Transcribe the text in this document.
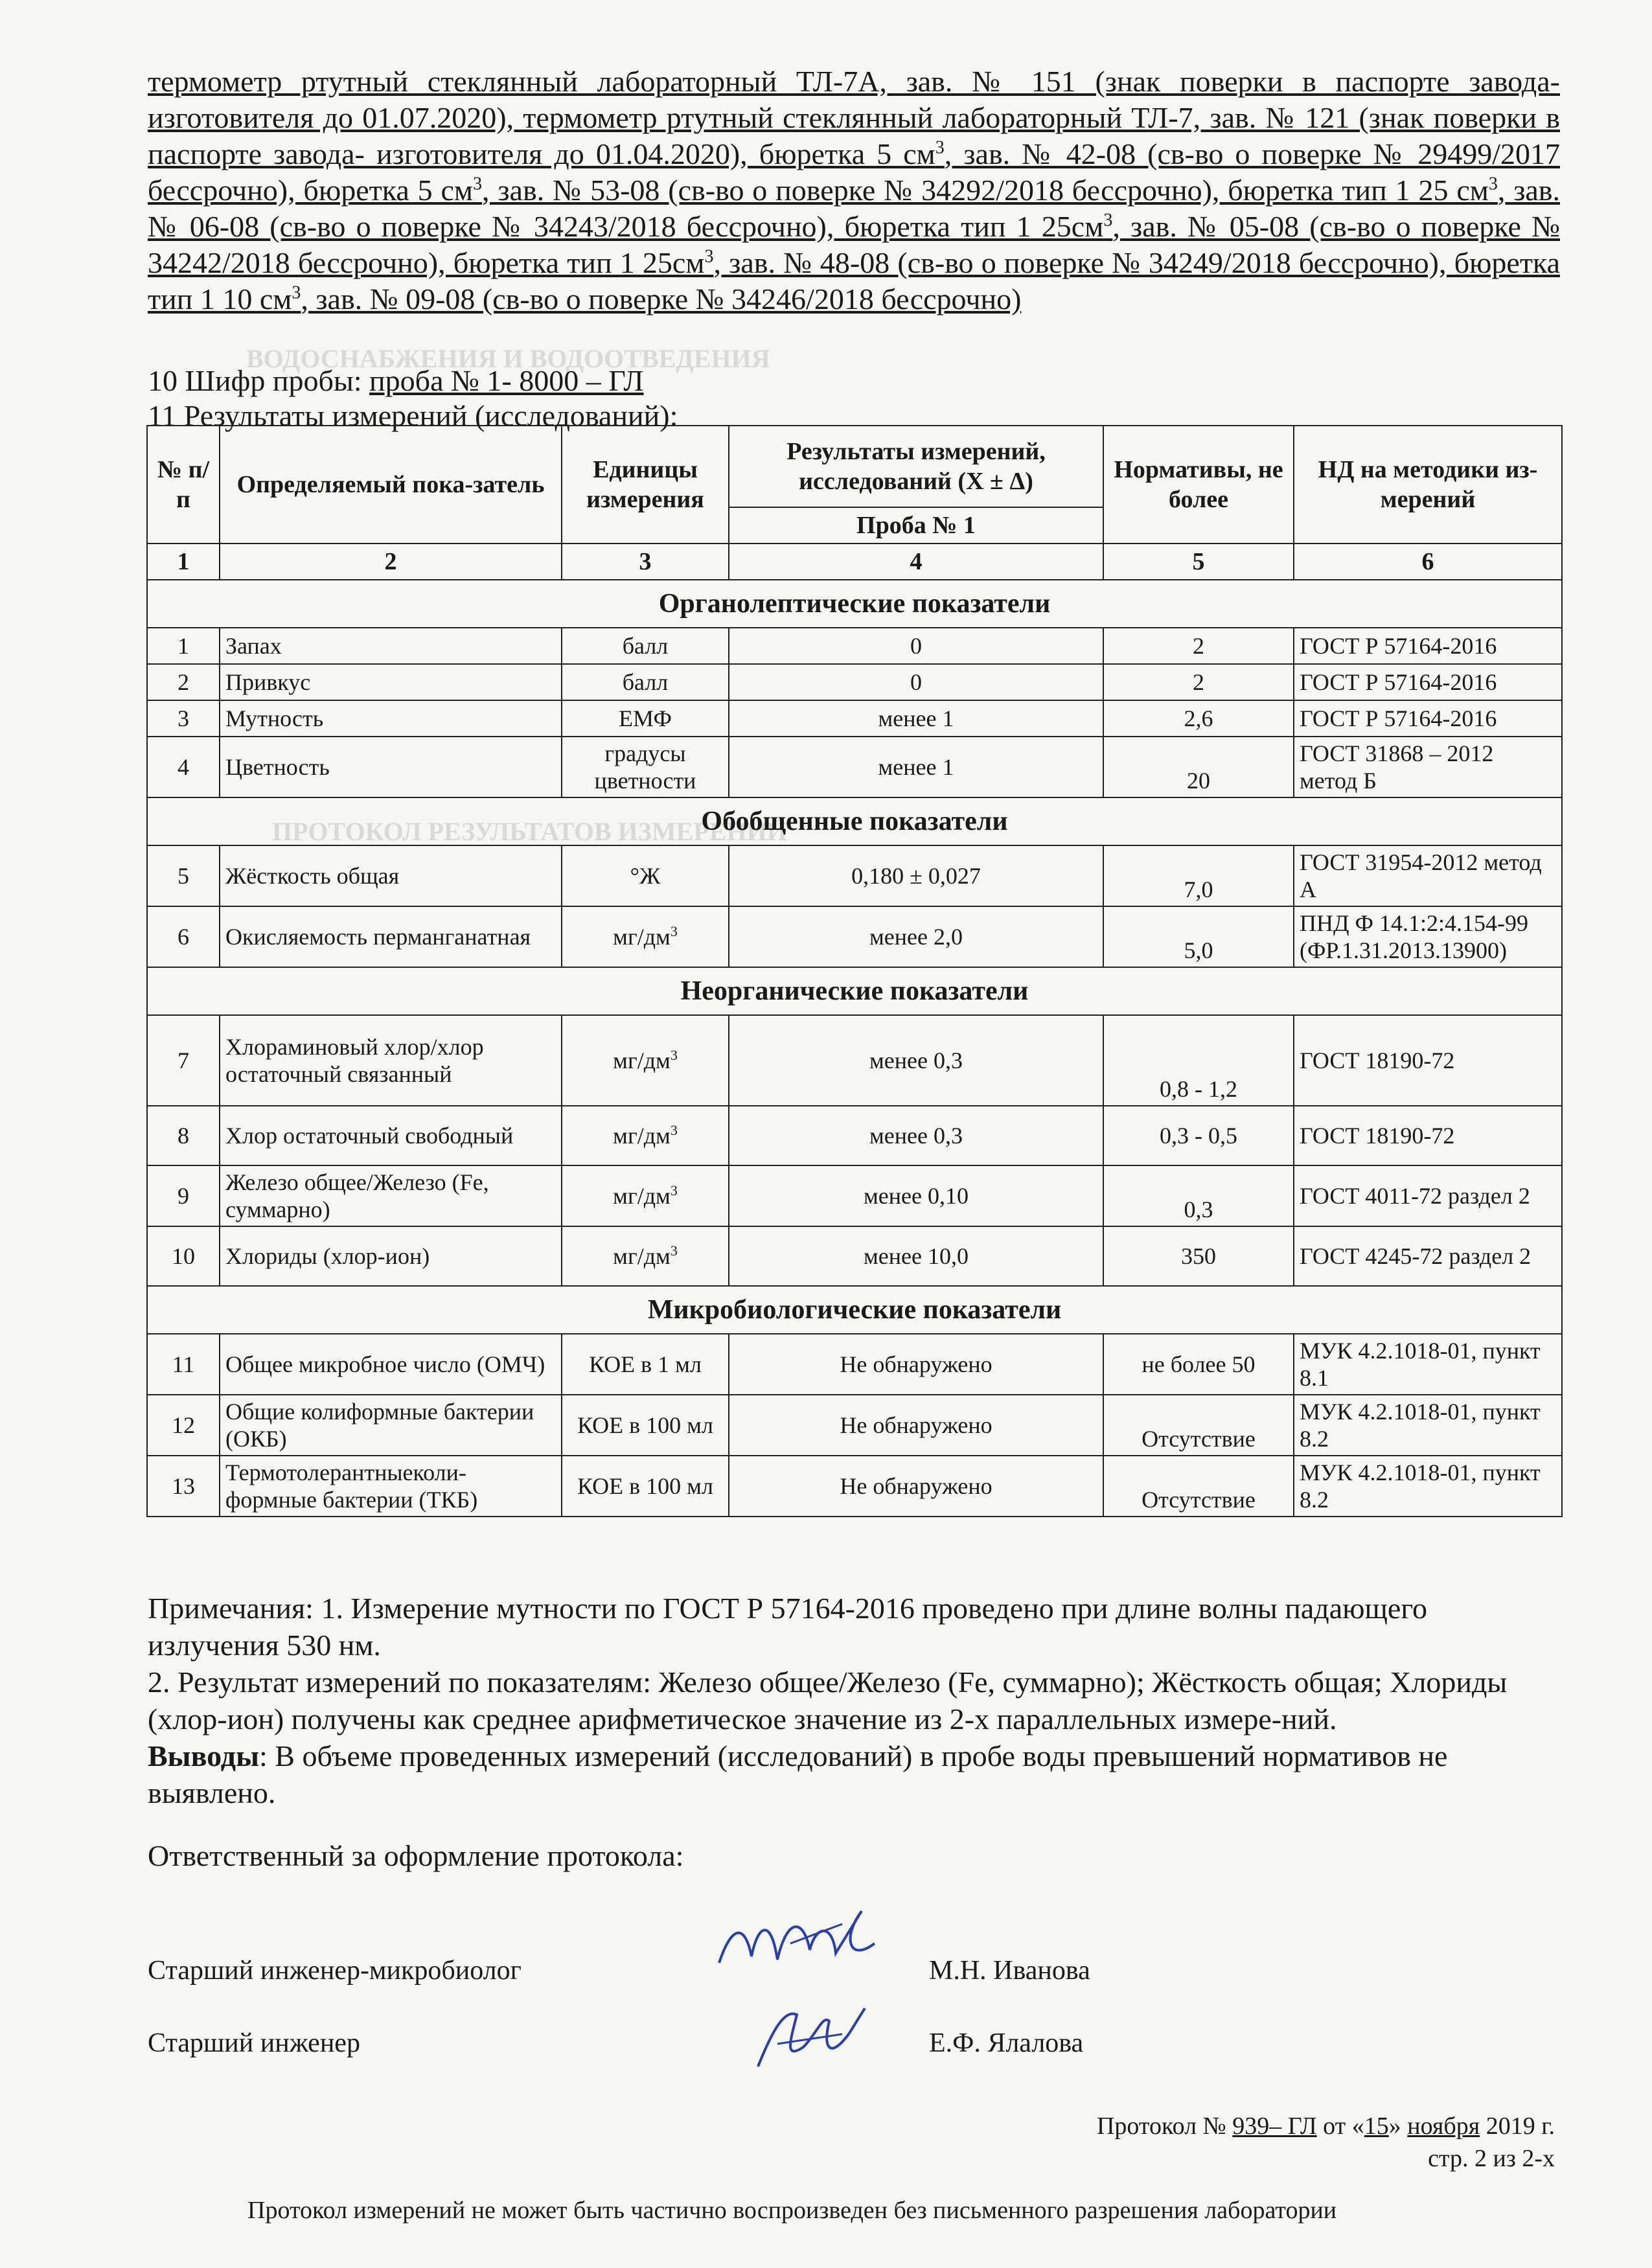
ВОДОСНАБЖЕНИЯ И ВОДООТВЕДЕНИЯ
ПРОТОКОЛ РЕЗУЛЬТАТОВ ИЗМЕРЕНИЙ
термометр ртутный стеклянный лабораторный ТЛ-7А, зав. № 151 (знак поверки в паспорте завода-изготовителя до 01.07.2020), термометр ртутный стеклянный лабораторный ТЛ-7, зав. № 121 (знак поверки в паспорте завода- изготовителя до 01.04.2020), бюретка 5 $см^3$, зав. № 42-08 (св-во о поверке № 29499/2017 бессрочно), бюретка 5 $см^3$, зав. № 53-08 (св-во о поверке № 34292/2018 бессрочно), бюретка тип 1 25 $см^3$, зав. № 06-08 (св-во о поверке № 34243/2018 бессрочно), бюретка тип 1 $25см^3$, зав. № 05-08 (св-во о поверке № 34242/2018 бессрочно), бюретка тип 1 $25см^3$, зав. № 48-08 (св-во о поверке № 34249/2018 бессрочно), бюретка тип 1 10 $см^3$, зав. № 09-08 (св-во о поверке № 34246/2018 бессрочно)
10 Шифр пробы: проба № 1- 8000 – ГЛ
11 Результаты измерений (исследований):
№ п/п	Определяемый пока-затель	Единицы измерения	Результаты измерений, исследований (Х ± Δ)	Нормативы, не более	НД на методики из-мерений
			Проба № 1		
1	2	3	4	5	6
Органолептические показатели					
1	Запах	балл	0	2	ГОСТ Р 57164-2016
2	Привкус	балл	0	2	ГОСТ Р 57164-2016
3	Мутность	ЕМФ	менее 1	2,6	ГОСТ Р 57164-2016
4	Цветность	градусы цветности	менее 1	20	ГОСТ 31868 – 2012 метод Б
Обобщенные показатели					
5	Жёсткость общая	°Ж	0,180 ± 0,027	7,0	ГОСТ 31954-2012 метод А
6	Окисляемость перманганатная	$мг/дм^3$	менее 2,0	5,0	ПНД Ф 14.1:2:4.154-99 (ФР.1.31.2013.13900)
Неорганические показатели					
7	Хлораминовый хлор/хлор остаточный связанный	$мг/дм^3$	менее 0,3	0,8 - 1,2	ГОСТ 18190-72
8	Хлор остаточный свободный	$мг/дм^3$	менее 0,3	0,3 - 0,5	ГОСТ 18190-72
9	Железо общее/Железо (Fe, суммарно)	$мг/дм^3$	менее 0,10	0,3	ГОСТ 4011-72 раздел 2
10	Хлориды (хлор-ион)	$мг/дм^3$	менее 10,0	350	ГОСТ 4245-72 раздел 2
Микробиологические показатели					
11	Общее микробное число (ОМЧ)	КОЕ в 1 мл	Не обнаружено	не более 50	МУК 4.2.1018-01, пункт 8.1
12	Общие колиформные бактерии (ОКБ)	КОЕ в 100 мл	Не обнаружено	Отсутствие	МУК 4.2.1018-01, пункт 8.2
13	Термотолерантныеколи-формные бактерии (ТКБ)	КОЕ в 100 мл	Не обнаружено	Отсутствие	МУК 4.2.1018-01, пункт 8.2

Примечания: 1. Измерение мутности по ГОСТ Р 57164-2016 проведено при длине волны падающего излучения 530 нм.

2. Результат измерений по показателям: Железо общее/Железо (Fe, суммарно); Жёсткость общая; Хлориды (хлор-ион) получены как среднее арифметическое значение из 2-х параллельных измере-ний.

Выводы: В объеме проведенных измерений (исследований) в пробе воды превышений нормативов не выявлено.

Ответственный за оформление протокола:

Старший инженер-микробиолог	М.Н. Иванова
Старший инженер	Е.Ф. Ялалова
Протокол № 939– ГЛ от «15» ноября 2019 г.
стр. 2 из 2-х
Протокол измерений не может быть частично воспроизведен без письменного разрешения лаборатории
